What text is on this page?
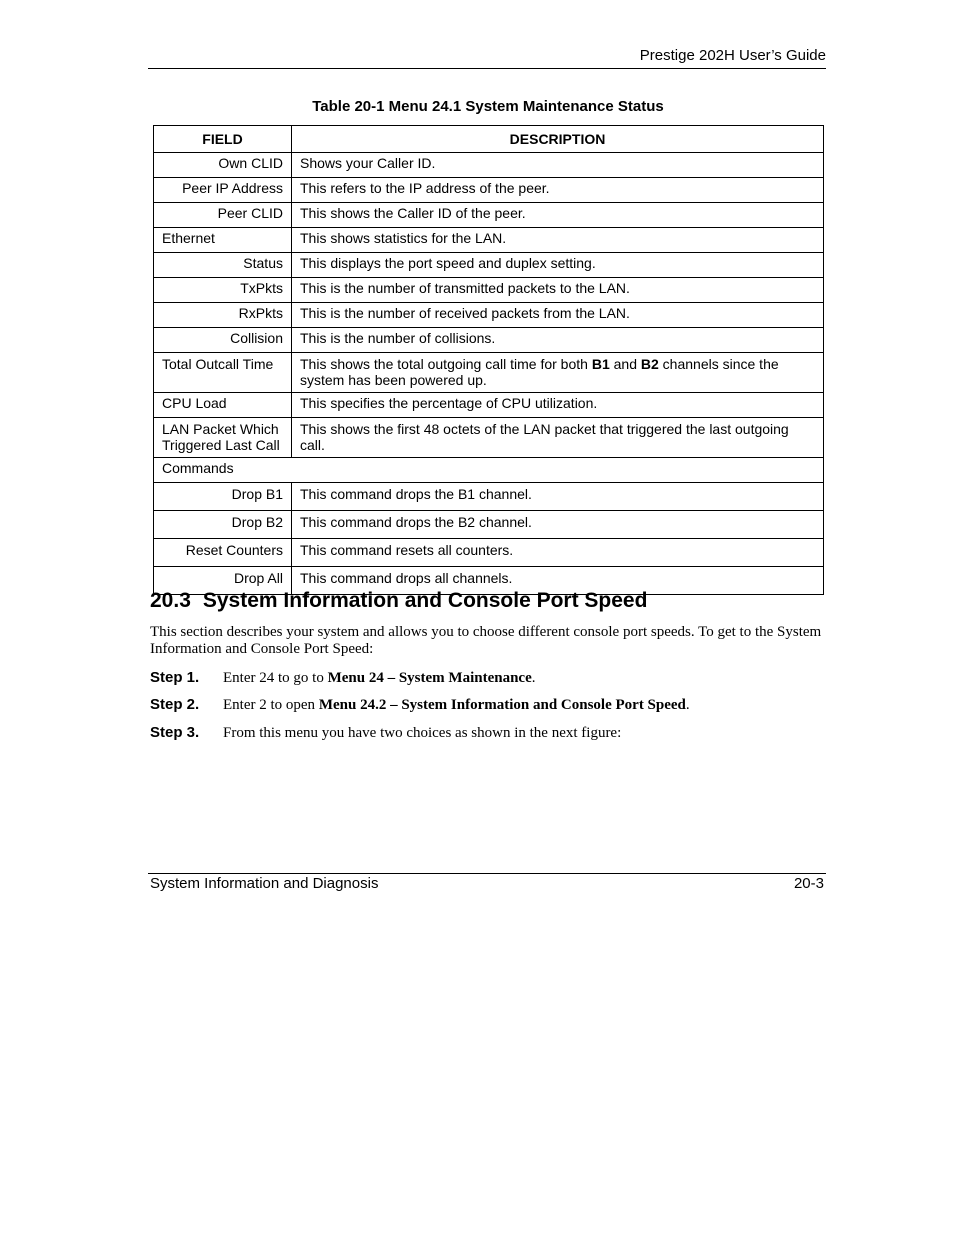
Prestige 202H User’s Guide
Table 20-1 Menu 24.1 System Maintenance Status
FIELD	DESCRIPTION
Own CLID	Shows your Caller ID.
Peer IP Address	This refers to the IP address of the peer.
Peer CLID	This shows the Caller ID of the peer.
Ethernet	This shows statistics for the LAN.
Status	This displays the port speed and duplex setting.
TxPkts	This is the number of transmitted packets to the LAN.
RxPkts	This is the number of received packets from the LAN.
Collision	This is the number of collisions.
Total Outcall Time	This shows the total outgoing call time for both B1 and B2 channels since the system has been powered up.
CPU Load	This specifies the percentage of CPU utilization.
LAN Packet Which Triggered Last Call	This shows the first 48 octets of the LAN packet that triggered the last outgoing call.
Commands	
Drop B1	This command drops the B1 channel.
Drop B2	This command drops the B2 channel.
Reset Counters	This command resets all counters.
Drop All	This command drops all channels.
20.3 System Information and Console Port Speed
This section describes your system and allows you to choose different console port speeds. To get to the System Information and Console Port Speed:
Step 1. Enter 24 to go to Menu 24 – System Maintenance.
Step 2. Enter 2 to open Menu 24.2 – System Information and Console Port Speed.
Step 3. From this menu you have two choices as shown in the next figure:
System Information and Diagnosis	20-3
